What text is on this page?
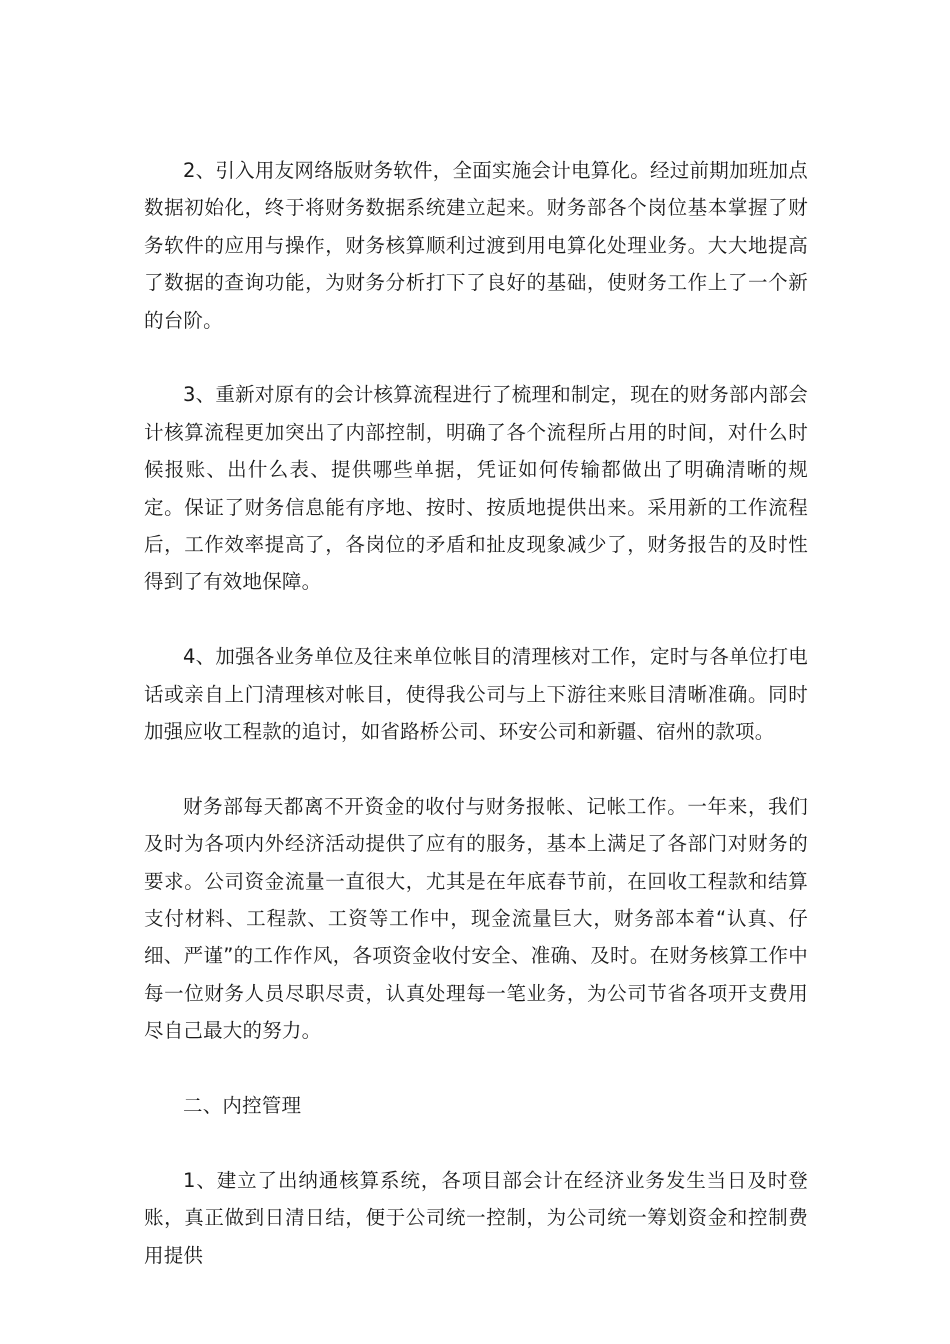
2、引入用友网络版财务软件，全面实施会计电算化。经过前期加班加点数据初始化，终于将财务数据系统建立起来。财务部各个岗位基本掌握了财务软件的应用与操作，财务核算顺利过渡到用电算化处理业务。大大地提高了数据的查询功能，为财务分析打下了良好的基础，使财务工作上了一个新的台阶。

3、重新对原有的会计核算流程进行了梳理和制定，现在的财务部内部会计核算流程更加突出了内部控制，明确了各个流程所占用的时间，对什么时候报账、出什么表、提供哪些单据，凭证如何传输都做出了明确清晰的规定。保证了财务信息能有序地、按时、按质地提供出来。采用新的工作流程后，工作效率提高了，各岗位的矛盾和扯皮现象减少了，财务报告的及时性得到了有效地保障。

4、加强各业务单位及往来单位帐目的清理核对工作，定时与各单位打电话或亲自上门清理核对帐目，使得我公司与上下游往来账目清晰准确。同时加强应收工程款的追讨，如省路桥公司、环安公司和新疆、宿州的款项。

财务部每天都离不开资金的收付与财务报帐、记帐工作。一年来，我们及时为各项内外经济活动提供了应有的服务，基本上满足了各部门对财务的要求。公司资金流量一直很大，尤其是在年底春节前，在回收工程款和结算支付材料、工程款、工资等工作中，现金流量巨大，财务部本着“认真、仔细、严谨”的工作作风，各项资金收付安全、准确、及时。在财务核算工作中每一位财务人员尽职尽责，认真处理每一笔业务，为公司节省各项开支费用尽自己最大的努力。

二、内控管理

1、建立了出纳通核算系统，各项目部会计在经济业务发生当日及时登账，真正做到日清日结，便于公司统一控制，为公司统一筹划资金和控制费用提供
